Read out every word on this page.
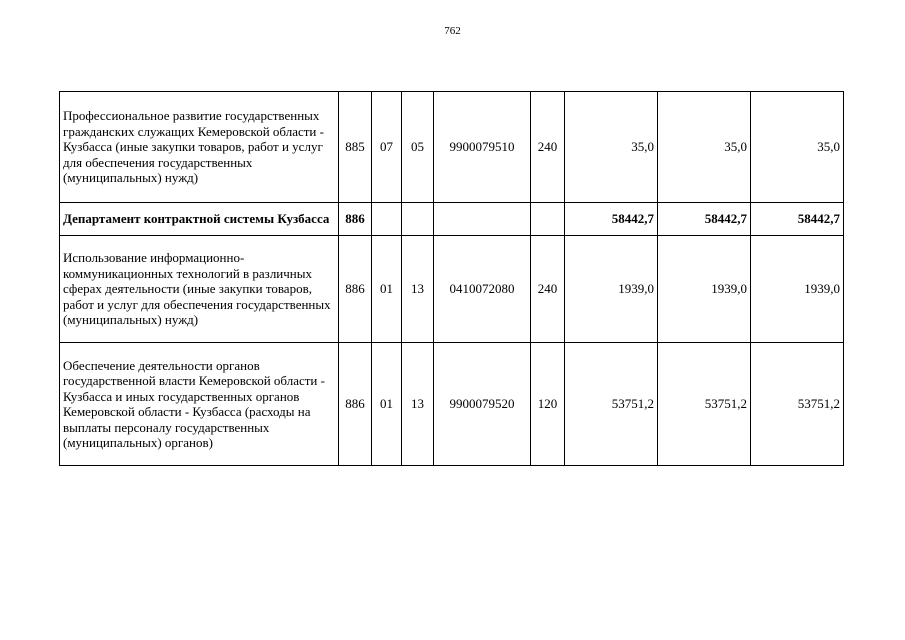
762
Профессиональное развитие государственных гражданских служащих Кемеровской области - Кузбасса (иные закупки товаров, работ и услуг для обеспечения государственных (муниципальных) нужд)	885	07	05	9900079510	240	35,0	35,0	35,0
Департамент контрактной системы Кузбасса	886					58442,7	58442,7	58442,7
Использование информационно-коммуникационных технологий в различных сферах деятельности (иные закупки товаров, работ и услуг для обеспечения государственных (муниципальных) нужд)	886	01	13	0410072080	240	1939,0	1939,0	1939,0
Обеспечение деятельности органов государственной власти Кемеровской области - Кузбасса и иных государственных органов Кемеровской области - Кузбасса (расходы на выплаты персоналу государственных (муниципальных) органов)	886	01	13	9900079520	120	53751,2	53751,2	53751,2
